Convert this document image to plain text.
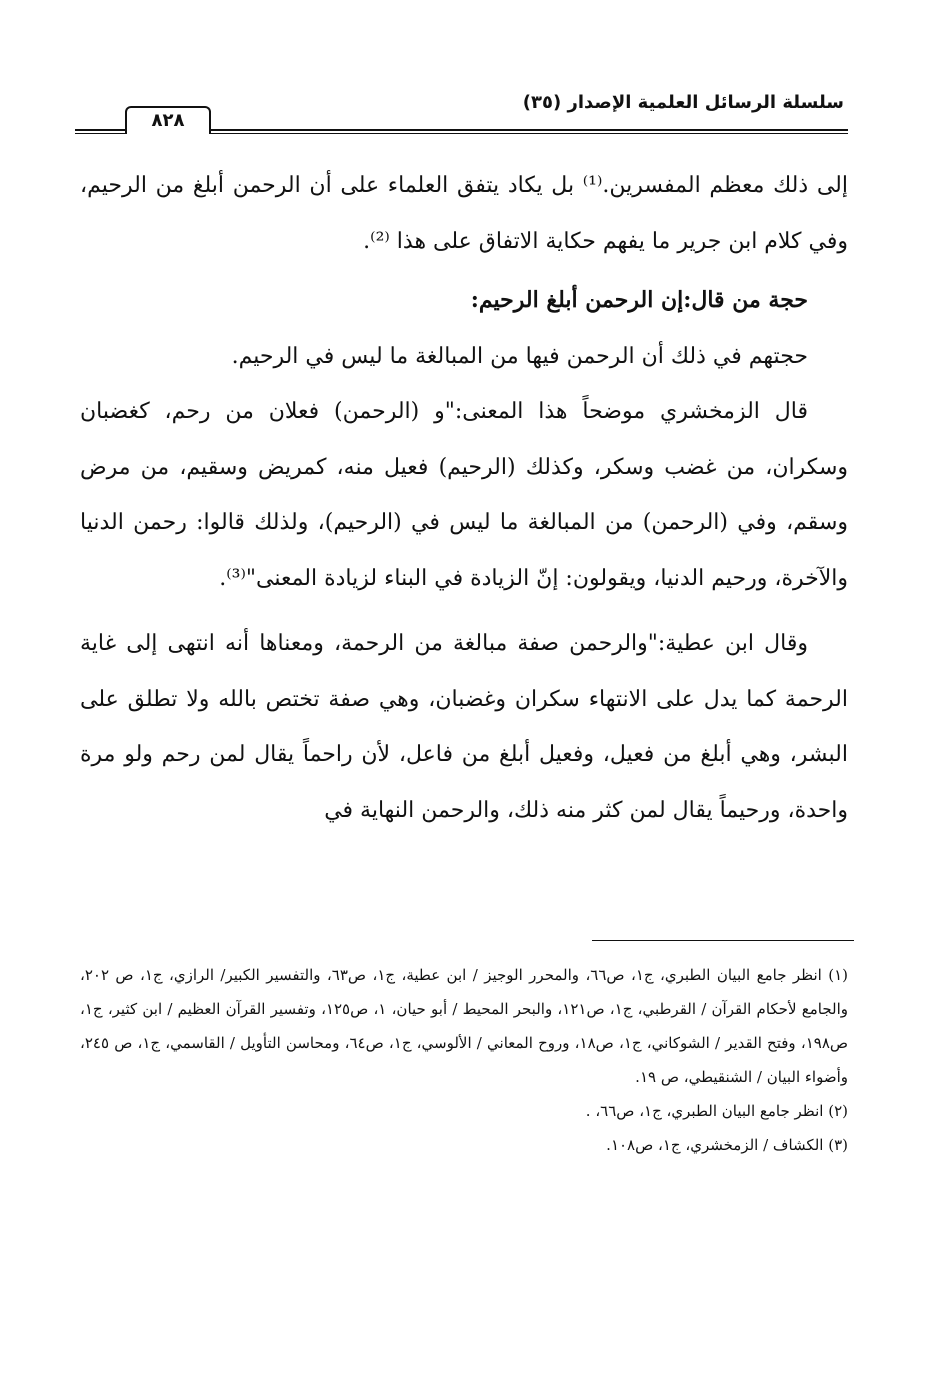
سلسلة الرسائل العلمية الإصدار (٣٥)
٨٢٨

إلى ذلك معظم المفسرين.⁽¹⁾ بل يكاد يتفق العلماء على أن الرحمن أبلغ من الرحيم، وفي كلام ابن جرير ما يفهم حكاية الاتفاق على هذا ⁽²⁾.

حجة من قال:إن الرحمن أبلغ الرحيم:

حجتهم في ذلك أن الرحمن فيها من المبالغة ما ليس في الرحيم.

قال الزمخشري موضحاً هذا المعنى:"و (الرحمن) فعلان من رحم، كغضبان وسكران، من غضب وسكر، وكذلك (الرحيم) فعيل منه، كمريض وسقيم، من مرض وسقم، وفي (الرحمن) من المبالغة ما ليس في (الرحيم)، ولذلك قالوا: رحمن الدنيا والآخرة، ورحيم الدنيا، ويقولون: إنّ الزيادة في البناء لزيادة المعنى"⁽³⁾.

وقال ابن عطية:"والرحمن صفة مبالغة من الرحمة، ومعناها أنه انتهى إلى غاية الرحمة كما يدل على الانتهاء سكران وغضبان، وهي صفة تختص بالله ولا تطلق على البشر، وهي أبلغ من فعيل، وفعيل أبلغ من فاعل، لأن راحماً يقال لمن رحم ولو مرة واحدة، ورحيماً يقال لمن كثر منه ذلك، والرحمن النهاية في

(١) انظر جامع البيان الطبري، ج١، ص٦٦، والمحرر الوجيز / ابن عطية، ج١، ص٦٣، والتفسير الكبير/ الرازي، ج١، ص ٢٠٢، والجامع لأحكام القرآن / القرطبي، ج١، ص١٢١، والبحر المحيط / أبو حيان، ١، ص١٢٥، وتفسير القرآن العظيم / ابن كثير، ج١، ص١٩٨، وفتح القدير / الشوكاني، ج١، ص١٨، وروح المعاني / الألوسي، ج١، ص٦٤، ومحاسن التأويل / القاسمي، ج١، ص ٢٤٥، وأضواء البيان / الشنقيطي، ص ١٩.

(٢) انظر جامع البيان الطبري، ج١، ص٦٦، .

(٣) الكشاف / الزمخشري، ج١، ص١٠٨.
